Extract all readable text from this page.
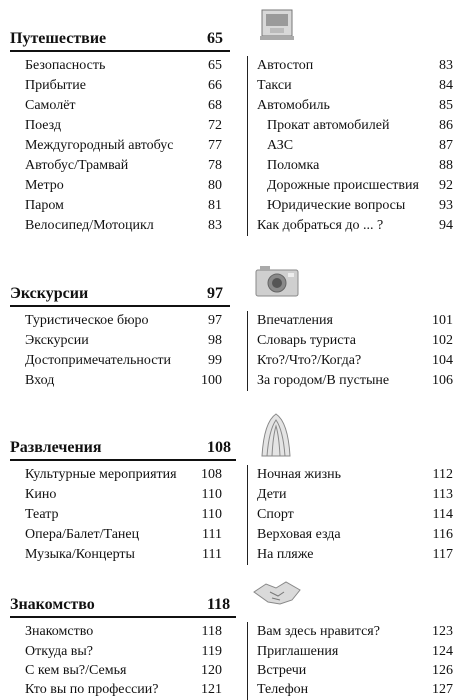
Путешествие	65
Безопасность	65
Прибытие	66
Самолёт	68
Поезд	72
Междугородный автобус 77
Автобус/Трамвай	78
Метро	80
Паром	81
Велосипед/Мотоцикл	83
Автостоп	83
Такси	84
Автомобиль	85
Прокат автомобилей	86
АЗС	87
Поломка	88
Дорожные происшествия 92
Юридические вопросы 93
Как добраться до ... ?	94
Экскурсии	97
Туристическое бюро	97
Экскурсии	98
Достопримечательности	99
Вход	100
Впечатления	101
Словарь туриста	102
Кто?/Что?/Когда?	104
За городом/В пустыне	106
Развлечения	108
Культурные мероприятия 108
Кино	110
Театр	110
Опера/Балет/Танец	111
Музыка/Концерты	111
Ночная жизнь	112
Дети	113
Спорт	114
Верховая езда	116
На пляже	117
Знакомство	118
Знакомство	118
Откуда вы?	119
С кем вы?/Семья	120
Кто вы по профессии?	121
Вам здесь нравится?	123
Приглашения	124
Встречи	126
Телефон	127
